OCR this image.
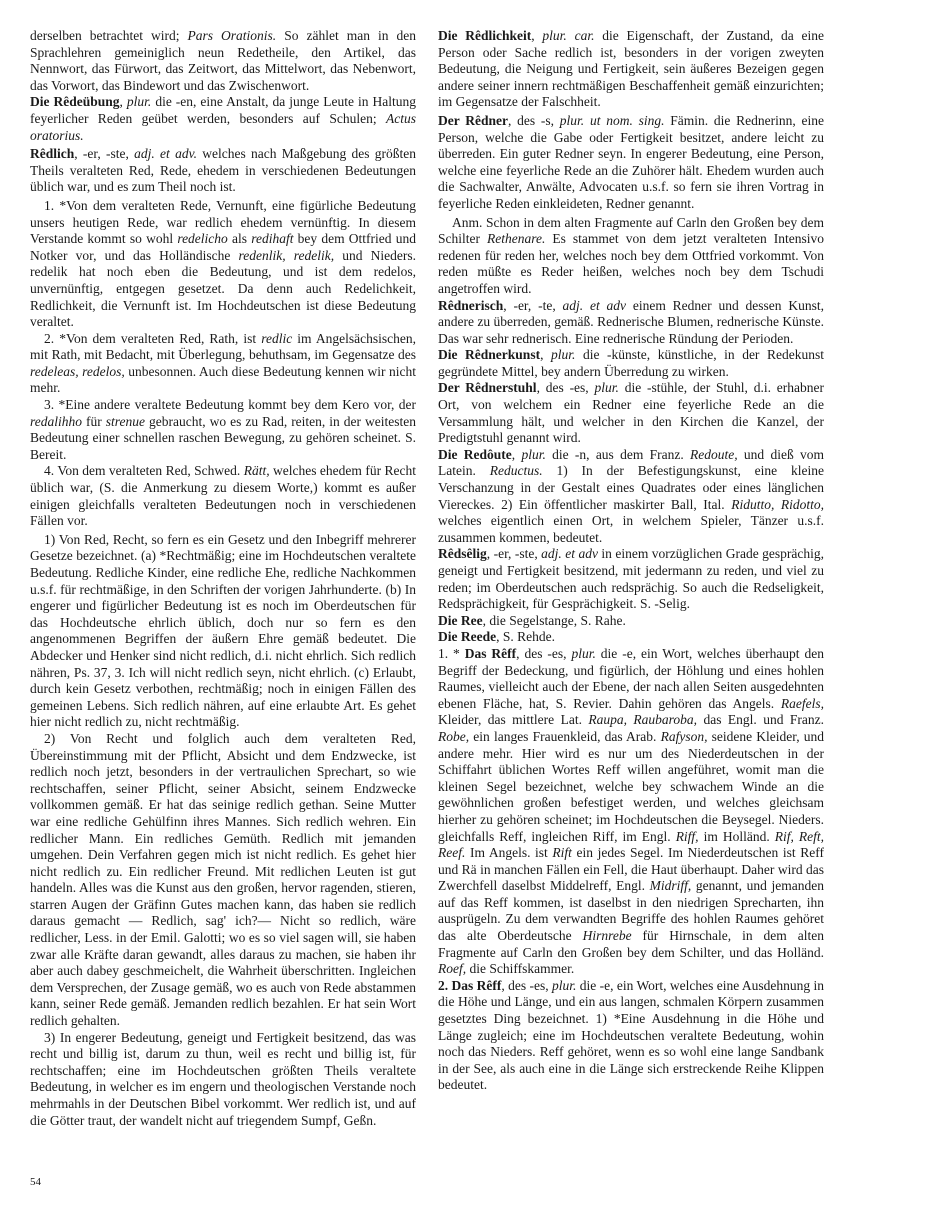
derselben betrachtet wird; Pars Orationis. So zählet man in den Sprachlehren gemeiniglich neun Redetheile, den Artikel, das Nennwort, das Fürwort, das Zeitwort, das Mittelwort, das Nebenwort, das Vorwort, das Bindewort und das Zwischenwort.

Die Rêdeübung, plur. die -en, eine Anstalt, da junge Leute in Haltung feyerlicher Reden geübet werden, besonders auf Schulen; Actus oratorius.

Rêdlich, -er, -ste, adj. et adv. welches nach Maßgebung des größten Theils veralteten Red, Rede, ehedem in verschiedenen Bedeutungen üblich war, und es zum Theil noch ist.

1. *Von dem veralteten Rede, Vernunft, eine figürliche Bedeutung unsers heutigen Rede, war redlich ehedem vernünftig. In diesem Verstande kommt so wohl redelicho als redihaft bey dem Ottfried und Notker vor, und das Holländische redenlik, redelik, und Nieders. redelik hat noch eben die Bedeutung, und ist dem redelos, unvernünftig, entgegen gesetzet. Da denn auch Redelichkeit, Redlichkeit, die Vernunft ist. Im Hochdeutschen ist diese Bedeutung veraltet.

2. *Von dem veralteten Red, Rath, ist redlic im Angelsächsischen, mit Rath, mit Bedacht, mit Überlegung, behuthsam, im Gegensatze des redeleas, redelos, unbesonnen. Auch diese Bedeutung kennen wir nicht mehr.

3. *Eine andere veraltete Bedeutung kommt bey dem Kero vor, der redalihho für strenue gebraucht, wo es zu Rad, reiten, in der weitesten Bedeutung einer schnellen raschen Bewegung, zu gehören scheinet. S. Bereit.

4. Von dem veralteten Red, Schwed. Rätt, welches ehedem für Recht üblich war, (S. die Anmerkung zu diesem Worte,) kommt es außer einigen gleichfalls veralteten Bedeutungen noch in verschiedenen Fällen vor.

1) Von Red, Recht, so fern es ein Gesetz und den Inbegriff mehrerer Gesetze bezeichnet. (a) *Rechtmäßig; eine im Hochdeutschen veraltete Bedeutung. Redliche Kinder, eine redliche Ehe, redliche Nachkommen u.s.f. für rechtmäßige, in den Schriften der vorigen Jahrhunderte. (b) In engerer und figürlicher Bedeutung ist es noch im Oberdeutschen für das Hochdeutsche ehrlich üblich, doch nur so fern es den angenommenen Begriffen der äußern Ehre gemäß bedeutet. Die Abdecker und Henker sind nicht redlich, d.i. nicht ehrlich. Sich redlich nähren, Ps. 37, 3. Ich will nicht redlich seyn, nicht ehrlich. (c) Erlaubt, durch kein Gesetz verbothen, rechtmäßig; noch in einigen Fällen des gemeinen Lebens. Sich redlich nähren, auf eine erlaubte Art. Es gehet hier nicht redlich zu, nicht rechtmäßig.

2) Von Recht und folglich auch dem veralteten Red, Übereinstimmung mit der Pflicht, Absicht und dem Endzwecke, ist redlich noch jetzt, besonders in der vertraulichen Sprechart, so wie rechtschaffen, seiner Pflicht, seiner Absicht, seinem Endzwecke vollkommen gemäß. Er hat das seinige redlich gethan. Seine Mutter war eine redliche Gehülfinn ihres Mannes. Sich redlich wehren. Ein redlicher Mann. Ein redliches Gemüth. Redlich mit jemanden umgehen. Dein Verfahren gegen mich ist nicht redlich. Es gehet hier nicht redlich zu. Ein redlicher Freund. Mit redlichen Leuten ist gut handeln. Alles was die Kunst aus den großen, hervor ragenden, stieren, starren Augen der Gräfinn Gutes machen kann, das haben sie redlich daraus gemacht — Redlich, sag' ich?— Nicht so redlich, wäre redlicher, Less. in der Emil. Galotti; wo es so viel sagen will, sie haben zwar alle Kräfte daran gewandt, alles daraus zu machen, sie haben ihr aber auch dabey geschmeichelt, die Wahrheit überschritten. Ingleichen dem Versprechen, der Zusage gemäß, wo es auch von Rede abstammen kann, seiner Rede gemäß. Jemanden redlich bezahlen. Er hat sein Wort redlich gehalten.

3) In engerer Bedeutung, geneigt und Fertigkeit besitzend, das was recht und billig ist, darum zu thun, weil es recht und billig ist, für rechtschaffen; eine im Hochdeutschen größten Theils veraltete Bedeutung, in welcher es im engern und theologischen Verstande noch mehrmahls in der Deutschen Bibel vorkommt. Wer redlich ist, und auf die Götter traut, der wandelt nicht auf triegendem Sumpf, Geßn.

Die Rêdlichkeit, plur. car. die Eigenschaft, der Zustand, da eine Person oder Sache redlich ist, besonders in der vorigen zweyten Bedeutung, die Neigung und Fertigkeit, sein äußeres Bezeigen gegen andere seiner innern rechtmäßigen Beschaffenheit gemäß einzurichten; im Gegensatze der Falschheit.

Der Rêdner, des -s, plur. ut nom. sing. Fämin. die Rednerinn, eine Person, welche die Gabe oder Fertigkeit besitzet, andere leicht zu überreden. Ein guter Redner seyn. In engerer Bedeutung, eine Person, welche eine feyerliche Rede an die Zuhörer hält. Ehedem wurden auch die Sachwalter, Anwälte, Advocaten u.s.f. so fern sie ihren Vortrag in feyerliche Reden einkleideten, Redner genannt.

Anm. Schon in dem alten Fragmente auf Carln den Großen bey dem Schilter Rethenare. Es stammet von dem jetzt veralteten Intensivo redenen für reden her, welches noch bey dem Ottfried vorkommt. Von reden müßte es Reder heißen, welches noch bey dem Tschudi angetroffen wird.

Rêdnerisch, -er, -te, adj. et adv einem Redner und dessen Kunst, andere zu überreden, gemäß. Rednerische Blumen, rednerische Künste. Das war sehr rednerisch. Eine rednerische Ründung der Perioden.

Die Rêdnerkunst, plur. die -künste, künstliche, in der Redekunst gegründete Mittel, bey andern Überredung zu wirken.

Der Rêdnerstuhl, des -es, plur. die -stühle, der Stuhl, d.i. erhabner Ort, von welchem ein Redner eine feyerliche Rede an die Versammlung hält, und welcher in den Kirchen die Kanzel, der Predigtstuhl genannt wird.

Die Redôute, plur. die -n, aus dem Franz. Redoute, und dieß vom Latein. Reductus. 1) In der Befestigungskunst, eine kleine Verschanzung in der Gestalt eines Quadrates oder eines länglichen Viereckes. 2) Ein öffentlicher maskirter Ball, Ital. Ridutto, Ridotto, welches eigentlich einen Ort, in welchem Spieler, Tänzer u.s.f. zusammen kommen, bedeutet.

Rêdsêlig, -er, -ste, adj. et adv in einem vorzüglichen Grade gesprächig, geneigt und Fertigkeit besitzend, mit jedermann zu reden, und viel zu reden; im Oberdeutschen auch redsprächig. So auch die Redseligkeit, Redsprächigkeit, für Gesprächigkeit. S. -Selig.

Die Ree, die Segelstange, S. Rahe.

Die Reede, S. Rehde.

1. * Das Rêff, des -es, plur. die -e, ein Wort, welches überhaupt den Begriff der Bedeckung, und figürlich, der Höhlung und eines hohlen Raumes, vielleicht auch der Ebene, der nach allen Seiten ausgedehnten ebenen Fläche, hat, S. Revier. Dahin gehören das Angels. Raefels, Kleider, das mittlere Lat. Raupa, Raubaroba, das Engl. und Franz. Robe, ein langes Frauenkleid, das Arab. Rafyson, seidene Kleider, und andere mehr. Hier wird es nur um des Niederdeutschen in der Schiffahrt üblichen Wortes Reff willen angeführet, womit man die kleinen Segel bezeichnet, welche bey schwachem Winde an die gewöhnlichen großen befestiget werden, und welches gleichsam hierher zu gehören scheinet; im Hochdeutschen die Beysegel. Nieders. gleichfalls Reff, ingleichen Riff, im Engl. Riff, im Holländ. Rif, Reft, Reef. Im Angels. ist Rift ein jedes Segel. Im Niederdeutschen ist Reff und Rä in manchen Fällen ein Fell, die Haut überhaupt. Daher wird das Zwerchfell daselbst Middelreff, Engl. Midriff, genannt, und jemanden auf das Reff kommen, ist daselbst in den niedrigen Sprecharten, ihn ausprügeln. Zu dem verwandten Begriffe des hohlen Raumes gehöret das alte Oberdeutsche Hirnrebe für Hirnschale, in dem alten Fragmente auf Carln den Großen bey dem Schilter, und das Holländ. Roef, die Schiffskammer.

2. Das Rêff, des -es, plur. die -e, ein Wort, welches eine Ausdehnung in die Höhe und Länge, und ein aus langen, schmalen Körpern zusammen gesetztes Ding bezeichnet. 1) *Eine Ausdehnung in die Höhe und Länge zugleich; eine im Hochdeutschen veraltete Bedeutung, wohin noch das Nieders. Reff gehöret, wenn es so wohl eine lange Sandbank in der See, als auch eine in die Länge sich erstreckende Reihe Klippen bedeutet.

54
